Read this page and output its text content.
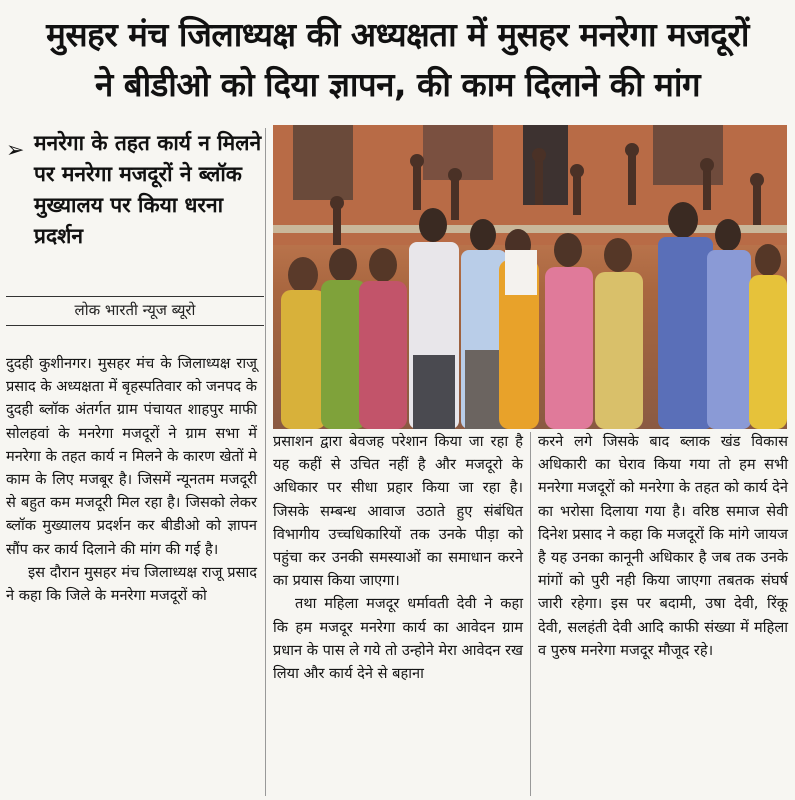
मुसहर मंच जिलाध्यक्ष की अध्यक्षता में मुसहर मनरेगा मजदूरों

ने बीडीओ को दिया ज्ञापन, की काम दिलाने की मांग

➢ मनरेगा के तहत कार्य न मिलने पर मनरेगा मजदूरों ने ब्लॉक मुख्यालय पर किया धरना प्रदर्शन
लोक भारती न्यूज ब्यूरो

दुदही कुशीनगर। मुसहर मंच के जिलाध्यक्ष राजू प्रसाद के अध्यक्षता में बृहस्पतिवार को जनपद के दुदही ब्लॉक अंतर्गत ग्राम पंचायत शाहपुर माफी सोलहवां के मनरेगा मजदूरों ने ग्राम सभा में मनरेगा के तहत कार्य न मिलने के कारण खेतों मे काम के लिए मजबूर है। जिसमें न्यूनतम मजदूरी से बहुत कम मजदूरी मिल रहा है। जिसको लेकर ब्लॉक मुख्यालय प्रदर्शन कर बीडीओ को ज्ञापन सौंप कर कार्य दिलाने की मांग की गई है।

इस दौरान मुसहर मंच जिलाध्यक्ष राजू प्रसाद ने कहा कि जिले के मनरेगा मजदूरों को

प्रसाशन द्वारा बेवजह परेशान किया जा रहा है यह कहीं से उचित नहीं है और मजदूरो के अधिकार पर सीधा प्रहार किया जा रहा है। जिसके सम्बन्ध आवाज उठाते हुए संबंधित विभागीय उच्चधिकारियों तक उनके पीड़ा को पहुंचा कर उनकी समस्याओं का समाधान करने का प्रयास किया जाएगा।

तथा महिला मजदूर धर्मावती देवी ने कहा कि हम मजदूर मनरेगा कार्य का आवेदन ग्राम प्रधान के पास ले गये तो उन्होने मेरा आवेदन रख लिया और कार्य देने से बहाना

करने लगे जिसके बाद ब्लाक खंड विकास अधिकारी का घेराव किया गया तो हम सभी मनरेगा मजदूरों को मनरेगा के तहत को कार्य देने का भरोसा दिलाया गया है। वरिष्ठ समाज सेवी दिनेश प्रसाद ने कहा कि मजदूरों कि मांगे जायज है यह उनका कानूनी अधिकार है जब तक उनके मांगों को पुरी नही किया जाएगा तबतक संघर्ष जारी रहेगा। इस पर बदामी, उषा देवी, रिंकू देवी, सलहंती देवी आदि काफी संख्या में महिला व पुरुष मनरेगा मजदूर मौजूद रहे।
